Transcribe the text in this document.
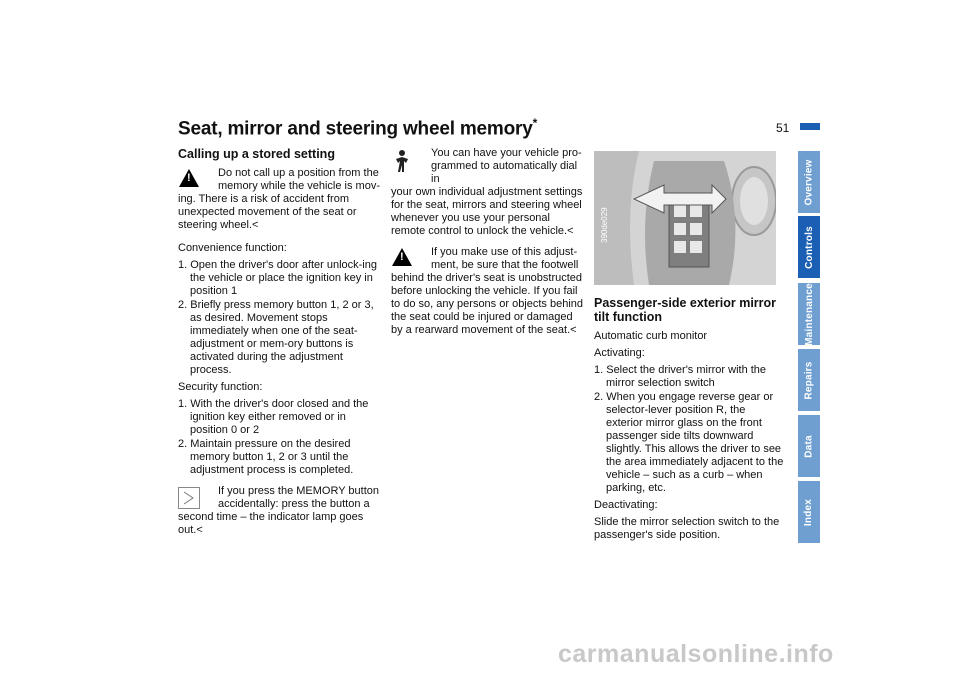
Seat, mirror and steering wheel memory*	51
Overview
Controls
Maintenance
Repairs
Data
Index
Calling up a stored setting
!

Do not call up a position from the memory while the vehicle is mov-

ing. There is a risk of accident from unexpected movement of the seat or steering wheel.<

Convenience function:

1. Open the driver's door after unlock-ing the vehicle or place the ignition key in position 1
2. Briefly press memory button 1, 2 or 3, as desired. Movement stops immediately when one of the seat-adjustment or mem-ory buttons is activated during the adjustment process.

Security function:

1. With the driver's door closed and the ignition key either removed or in position 0 or 2
2. Maintain pressure on the desired memory button 1, 2 or 3 until the adjustment process is completed.

If you press the MEMORY button accidentally: press the button a

second time – the indicator lamp goes out.<

You can have your vehicle pro-grammed to automatically dial in

your own individual adjustment settings for the seat, mirrors and steering wheel whenever you use your personal remote control to unlock the vehicle.<

!

If you make use of this adjust-ment, be sure that the footwell

behind the driver's seat is unobstructed before unlocking the vehicle. If you fail to do so, any persons or objects behind the seat could be injured or damaged by a rearward movement of the seat.<

390de029
Passenger-side exterior mirror tilt function

Automatic curb monitor

Activating:

1. Select the driver's mirror with the mirror selection switch
2. When you engage reverse gear or selector-lever position R, the exterior mirror glass on the front passenger side tilts downward slightly. This allows the driver to see the area immediately adjacent to the vehicle – such as a curb – when parking, etc.

Deactivating:

Slide the mirror selection switch to the passenger's side position.

carmanualsonline.info
